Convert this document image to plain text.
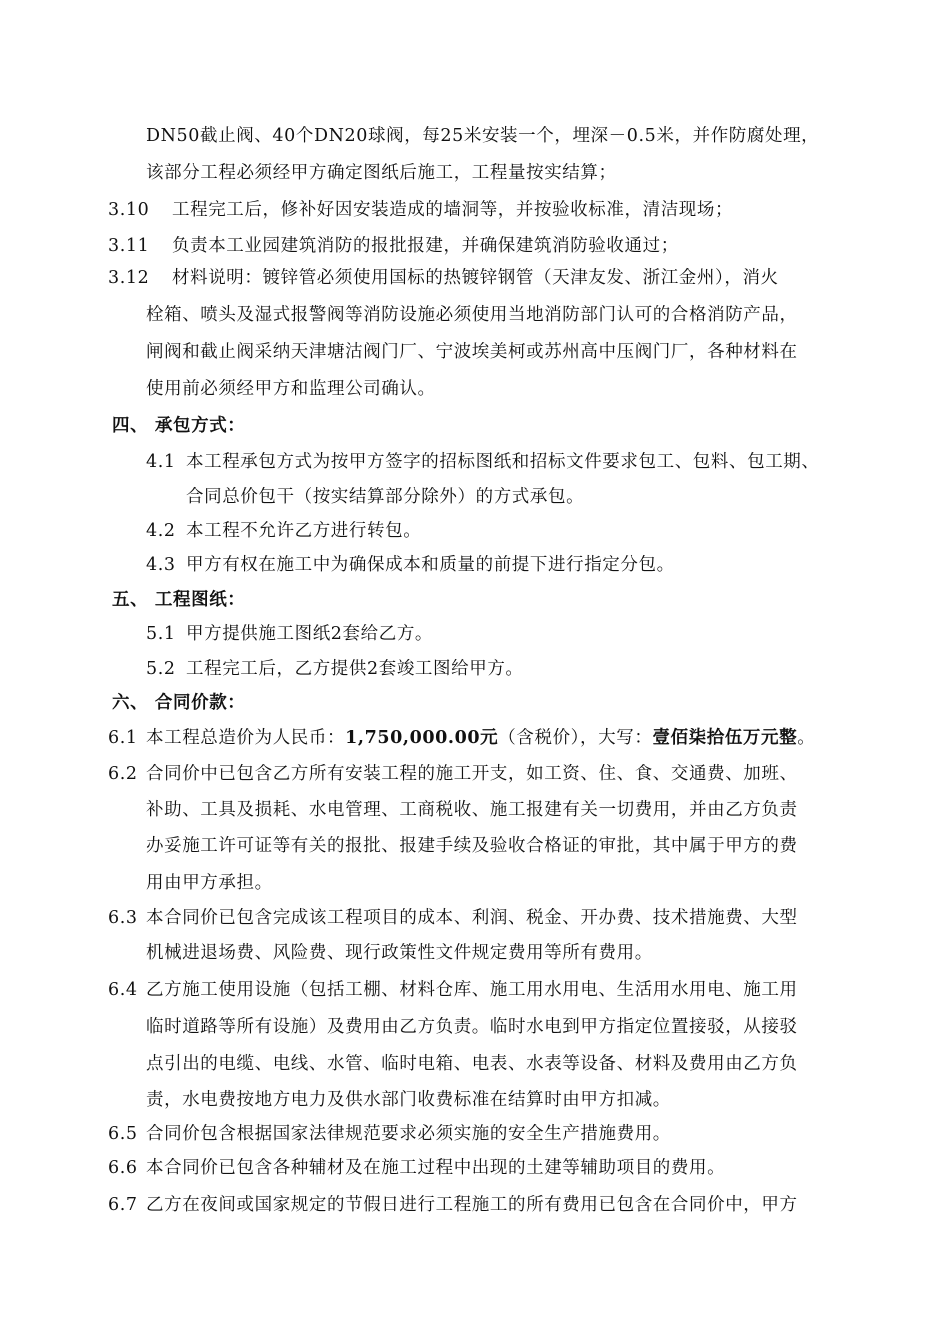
DN50截止阀、40个DN20球阀，每25米安装一个，埋深－0.5米，并作防腐处理，
该部分工程必须经甲方确定图纸后施工，工程量按实结算；
3.10 工程完工后，修补好因安装造成的墙洞等，并按验收标准，清洁现场；
3.11 负责本工业园建筑消防的报批报建，并确保建筑消防验收通过；
3.12 材料说明：镀锌管必须使用国标的热镀锌钢管（天津友发、浙江金州），消火
栓箱、喷头及湿式报警阀等消防设施必须使用当地消防部门认可的合格消防产品，
闸阀和截止阀采纳天津塘沽阀门厂、宁波埃美柯或苏州高中压阀门厂，各种材料在
使用前必须经甲方和监理公司确认。
四、 承包方式：
4.1 本工程承包方式为按甲方签字的招标图纸和招标文件要求包工、包料、包工期、
合同总价包干（按实结算部分除外）的方式承包。
4.2 本工程不允许乙方进行转包。
4.3 甲方有权在施工中为确保成本和质量的前提下进行指定分包。
五、 工程图纸：
5.1 甲方提供施工图纸2套给乙方。
5.2 工程完工后，乙方提供2套竣工图给甲方。
六、 合同价款：
6.1 本工程总造价为人民币：1,750,000.00元（含税价），大写：壹佰柒拾伍万元整。
6.2 合同价中已包含乙方所有安装工程的施工开支，如工资、住、食、交通费、加班、
补助、工具及损耗、水电管理、工商税收、施工报建有关一切费用，并由乙方负责
办妥施工许可证等有关的报批、报建手续及验收合格证的审批，其中属于甲方的费
用由甲方承担。
6.3 本合同价已包含完成该工程项目的成本、利润、税金、开办费、技术措施费、大型
机械进退场费、风险费、现行政策性文件规定费用等所有费用。
6.4 乙方施工使用设施（包括工棚、材料仓库、施工用水用电、生活用水用电、施工用
临时道路等所有设施）及费用由乙方负责。临时水电到甲方指定位置接驳，从接驳
点引出的电缆、电线、水管、临时电箱、电表、水表等设备、材料及费用由乙方负
责，水电费按地方电力及供水部门收费标准在结算时由甲方扣减。
6.5 合同价包含根据国家法律规范要求必须实施的安全生产措施费用。
6.6 本合同价已包含各种辅材及在施工过程中出现的土建等辅助项目的费用。
6.7 乙方在夜间或国家规定的节假日进行工程施工的所有费用已包含在合同价中，甲方
